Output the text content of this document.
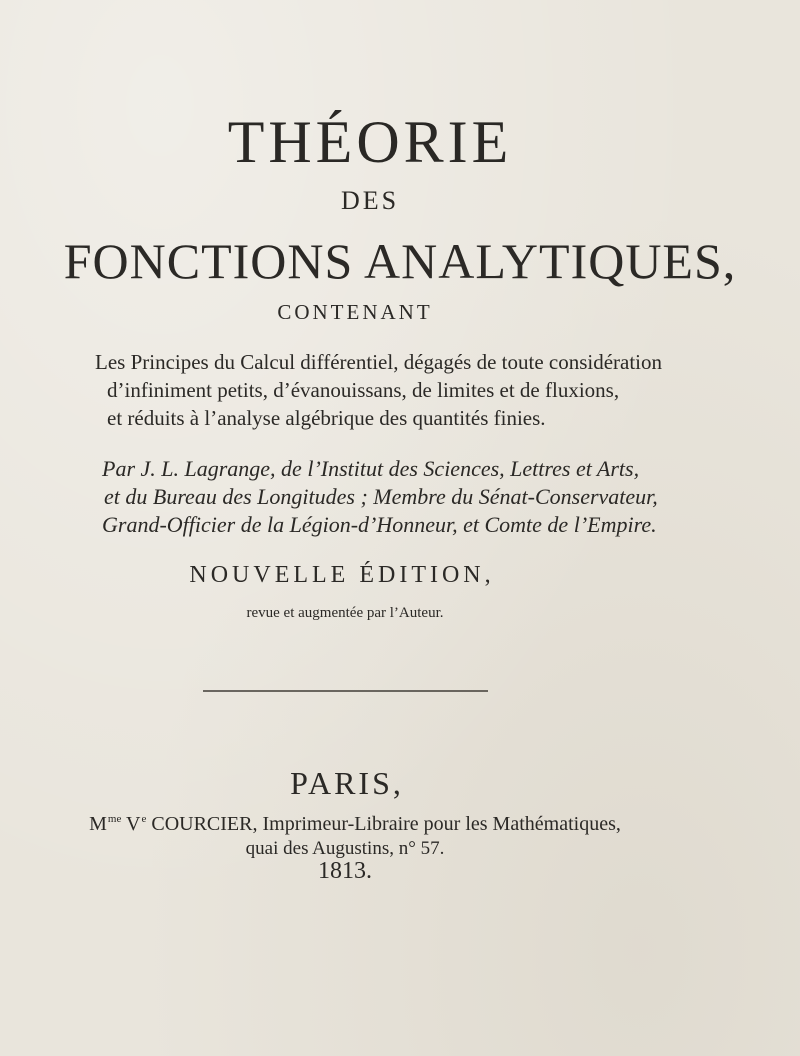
THÉORIE
DES
FONCTIONS ANALYTIQUES,
CONTENANT
Les Principes du Calcul différentiel, dégagés de toute considération
d’infiniment petits, d’évanouissans, de limites et de fluxions,
et réduits à l’analyse algébrique des quantités finies.
Par J. L. Lagrange, de l’Institut des Sciences, Lettres et Arts,
et du Bureau des Longitudes ; Membre du Sénat-Conservateur,
Grand-Officier de la Légion-d’Honneur, et Comte de l’Empire.
NOUVELLE ÉDITION,
revue et augmentée par l’Auteur.
PARIS,
$M^{me}$ Ve COURCIER, Imprimeur-Libraire pour les Mathématiques,
quai des Augustins, n° 57.
1813.
